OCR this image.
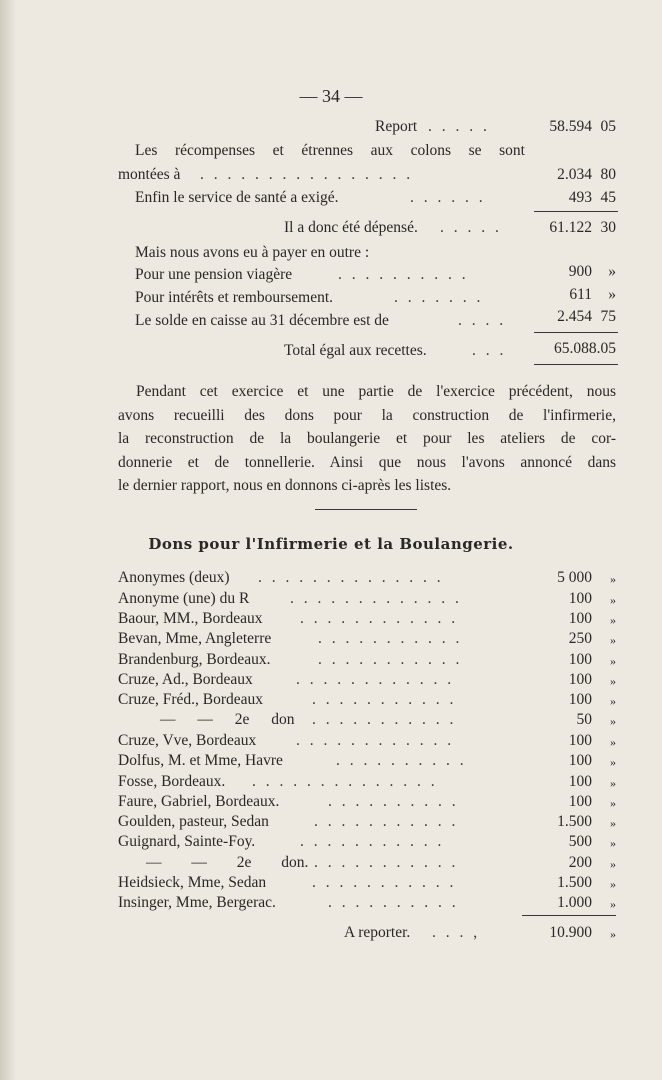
— 34 —
Report . . . . .	58.594 05
Les récompenses et étrennes aux colons se sont
montées à . . . . . . . . . . . . . . . .	2.034 80
Enfin le service de santé a exigé.	. . . . . .	493 45
Il a donc été dépensé. . . . . .	61.122 30
Mais nous avons eu à payer en outre :
Pour une pension viagère	. . . . . . . . . .	900	»
Pour intérêts et remboursement.	. . . . . . .	611	»
Le solde en caisse au 31 décembre est de	. . . .	2.454 75
Total égal aux recettes.	. . .	65.088.05
Pendant cet exercice et une partie de l'exercice précédent, nous
avons recueilli des dons pour la construction de l'infirmerie,
la reconstruction de la boulangerie et pour les ateliers de cor-
donnerie et de tonnellerie. Ainsi que nous l'avons annoncé dans
le dernier rapport, nous en donnons ci-après les listes.
Dons pour l'Infirmerie et la Boulangerie.
Anonymes (deux) . . . . . . . . . . . . . .	5 000	»
Anonyme (une) du R	. . . . . . . . . . . . .	100	»
Baour, MM., Bordeaux . . . . . . . . . . . .	100	»
Bevan, Mme, Angleterre	. . . . . . . . . . .	250	»
Brandenburg, Bordeaux.	. . . . . . . . . . .	100	»
Cruze, Ad., Bordeaux	. . . . . . . . . . . .	100	»
Cruze, Fréd., Bordeaux	. . . . . . . . . . .	100	»
— — 2e don . . . . . . . . . . .	50	»
Cruze, Vve, Bordeaux	. . . . . . . . . . . .	100	»
Dolfus, M. et Mme, Havre	. . . . . . . . . .	100	»
Fosse, Bordeaux. . . . . . . . . . . . . . .	100	»
Faure, Gabriel, Bordeaux.	. . . . . . . . . .	100	»
Goulden, pasteur, Sedan	. . . . . . . . . . .	1.500	»
Guignard, Sainte-Foy.	. . . . . . . . . . .	500	»
— — 2e don. . . . . . . . . . . .	200	»
Heidsieck, Mme, Sedan	. . . . . . . . . . .	1.500	»
Insinger, Mme, Bergerac.	. . . . . . . . . .	1.000	»
A reporter. . . . ,	10.900	»
